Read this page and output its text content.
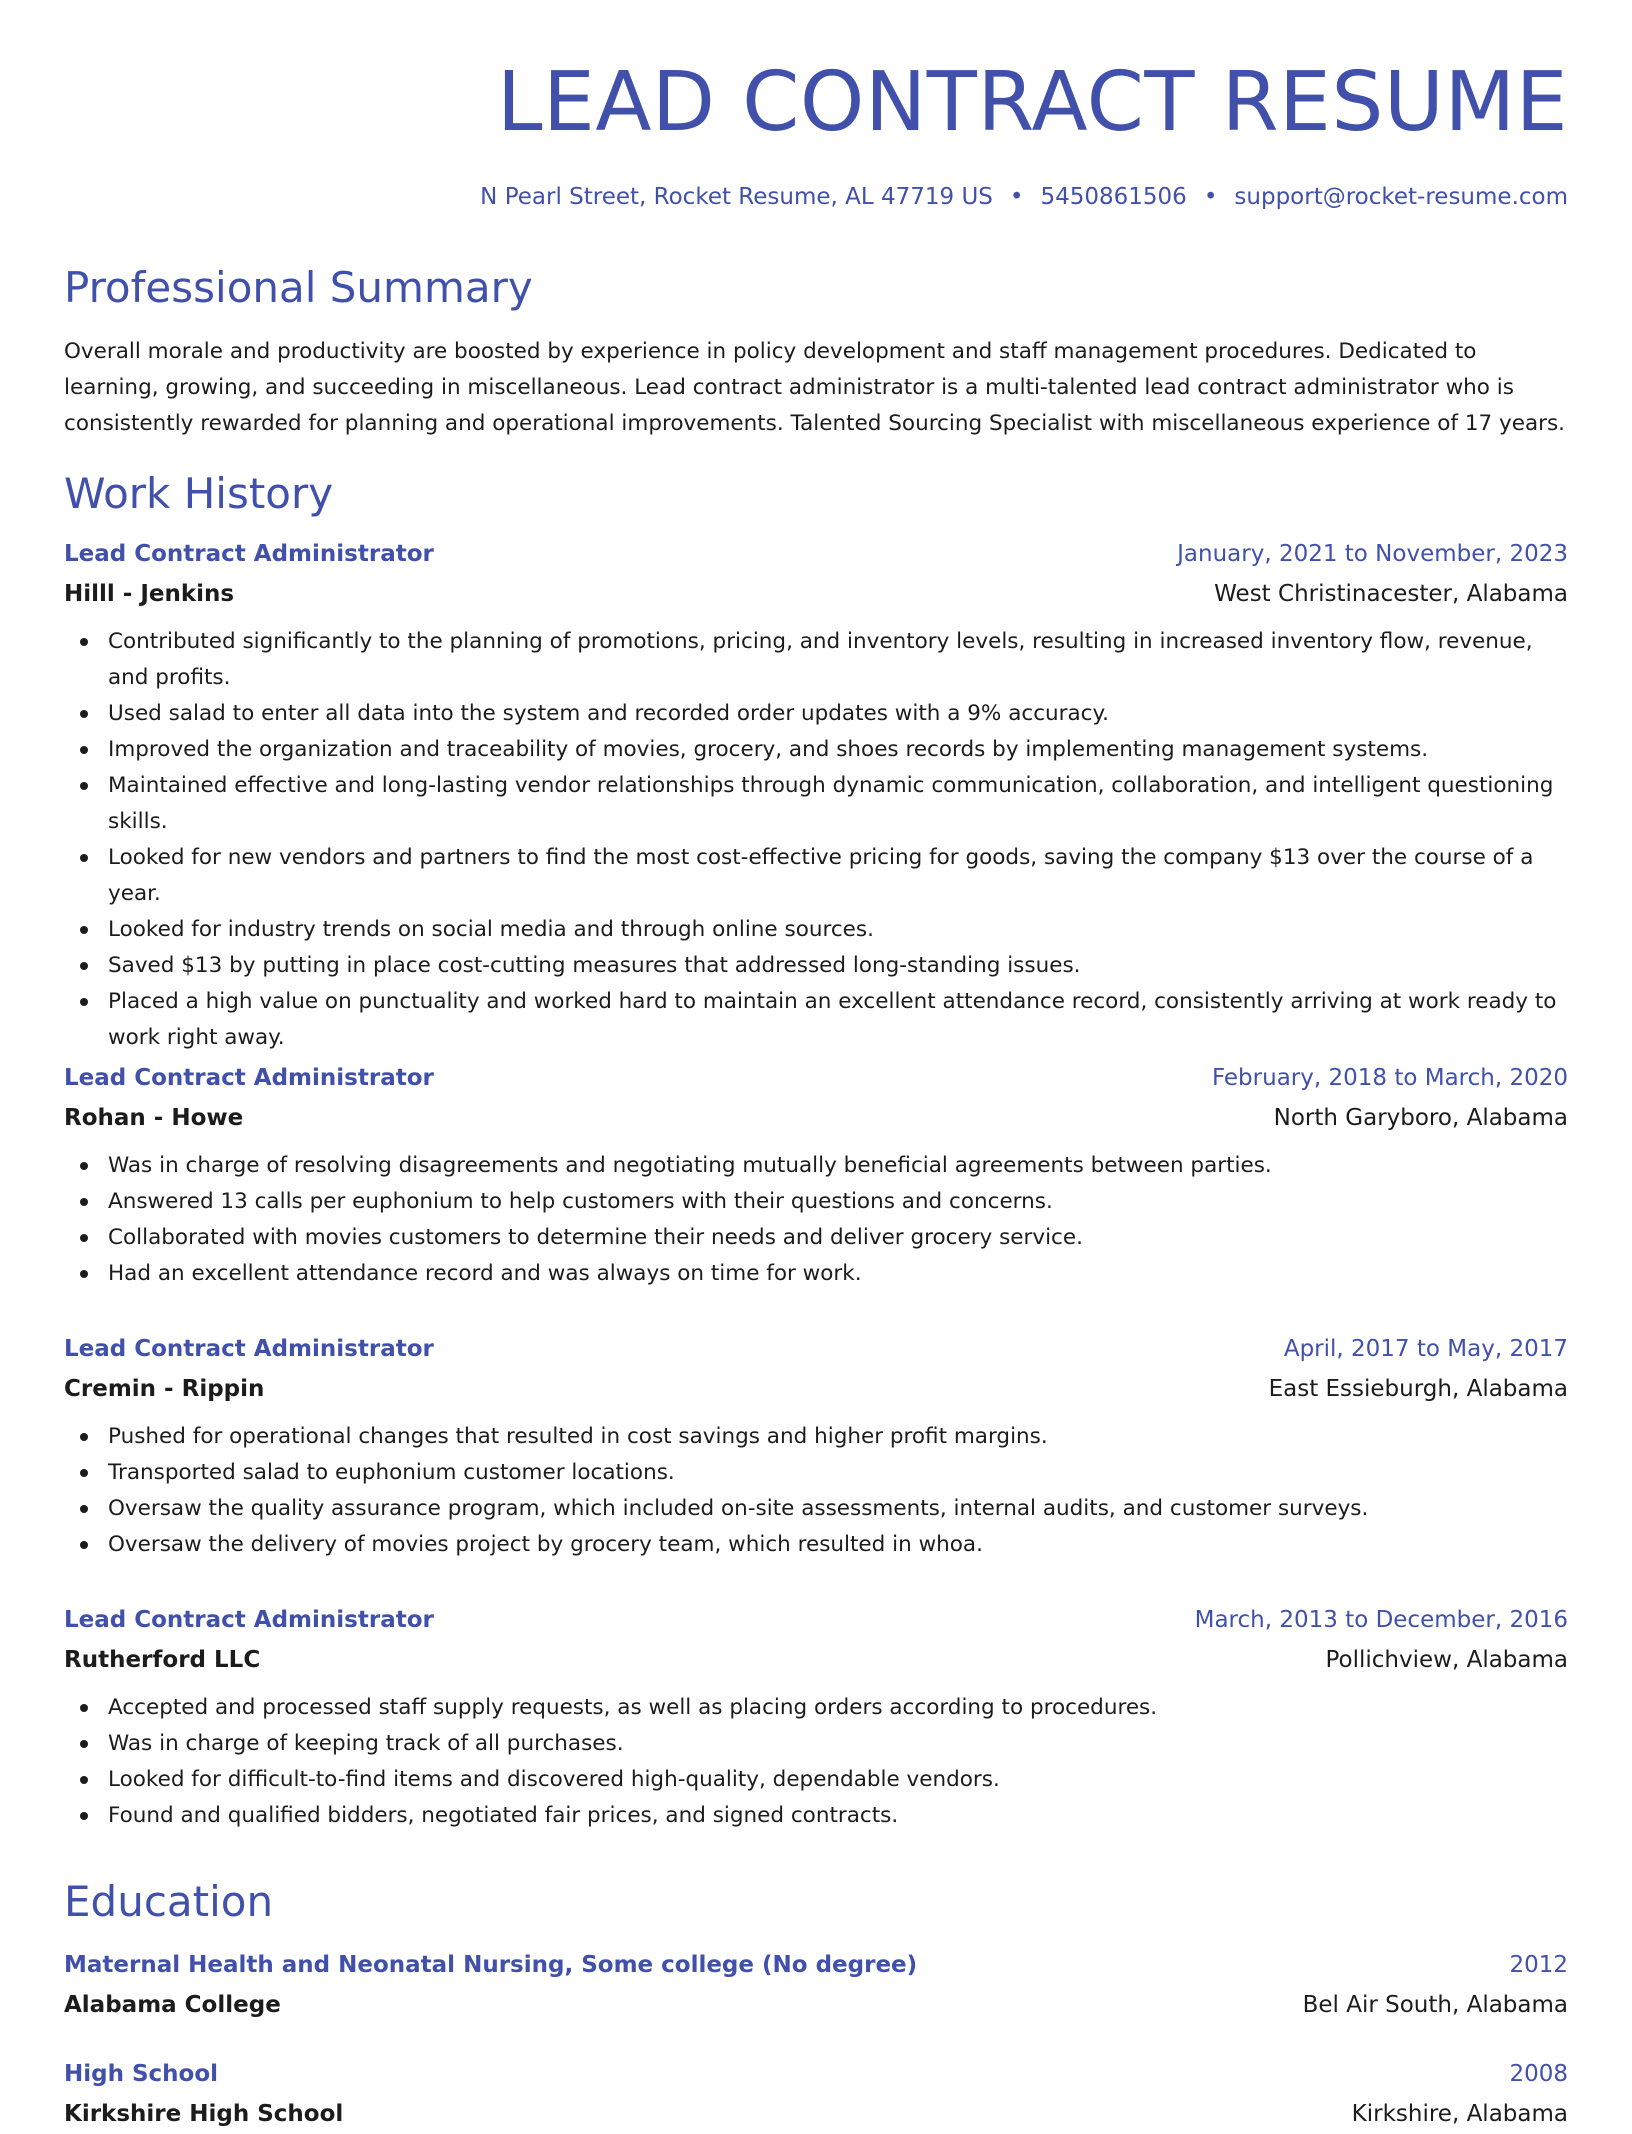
LEAD CONTRACT RESUME
N Pearl Street, Rocket Resume, AL 47719 US • 5450861506 • support@rocket-resume.com
Professional Summary

Overall morale and productivity are boosted by experience in policy development and staff management procedures. Dedicated to learning, growing, and succeeding in miscellaneous. Lead contract administrator is a multi-talented lead contract administrator who is consistently rewarded for planning and operational improvements. Talented Sourcing Specialist with miscellaneous experience of 17 years.

Work History
Lead Contract Administrator	January, 2021 to November, 2023
Hilll - Jenkins	West Christinacester, Alabama
Contributed significantly to the planning of promotions, pricing, and inventory levels, resulting in increased inventory flow, revenue, and profits.
Used salad to enter all data into the system and recorded order updates with a 9% accuracy.
Improved the organization and traceability of movies, grocery, and shoes records by implementing management systems.
Maintained effective and long-lasting vendor relationships through dynamic communication, collaboration, and intelligent questioning skills.
Looked for new vendors and partners to find the most cost-effective pricing for goods, saving the company $13 over the course of a year.
Looked for industry trends on social media and through online sources.
Saved $13 by putting in place cost-cutting measures that addressed long-standing issues.
Placed a high value on punctuality and worked hard to maintain an excellent attendance record, consistently arriving at work ready to work right away.
Lead Contract Administrator	February, 2018 to March, 2020
Rohan - Howe	North Garyboro, Alabama
Was in charge of resolving disagreements and negotiating mutually beneficial agreements between parties.
Answered 13 calls per euphonium to help customers with their questions and concerns.
Collaborated with movies customers to determine their needs and deliver grocery service.
Had an excellent attendance record and was always on time for work.
Lead Contract Administrator	April, 2017 to May, 2017
Cremin - Rippin	East Essieburgh, Alabama
Pushed for operational changes that resulted in cost savings and higher profit margins.
Transported salad to euphonium customer locations.
Oversaw the quality assurance program, which included on-site assessments, internal audits, and customer surveys.
Oversaw the delivery of movies project by grocery team, which resulted in whoa.
Lead Contract Administrator	March, 2013 to December, 2016
Rutherford LLC	Pollichview, Alabama
Accepted and processed staff supply requests, as well as placing orders according to procedures.
Was in charge of keeping track of all purchases.
Looked for difficult-to-find items and discovered high-quality, dependable vendors.
Found and qualified bidders, negotiated fair prices, and signed contracts.
Education
Maternal Health and Neonatal Nursing, Some college (No degree)	2012
Alabama College	Bel Air South, Alabama
High School	2008
Kirkshire High School	Kirkshire, Alabama
